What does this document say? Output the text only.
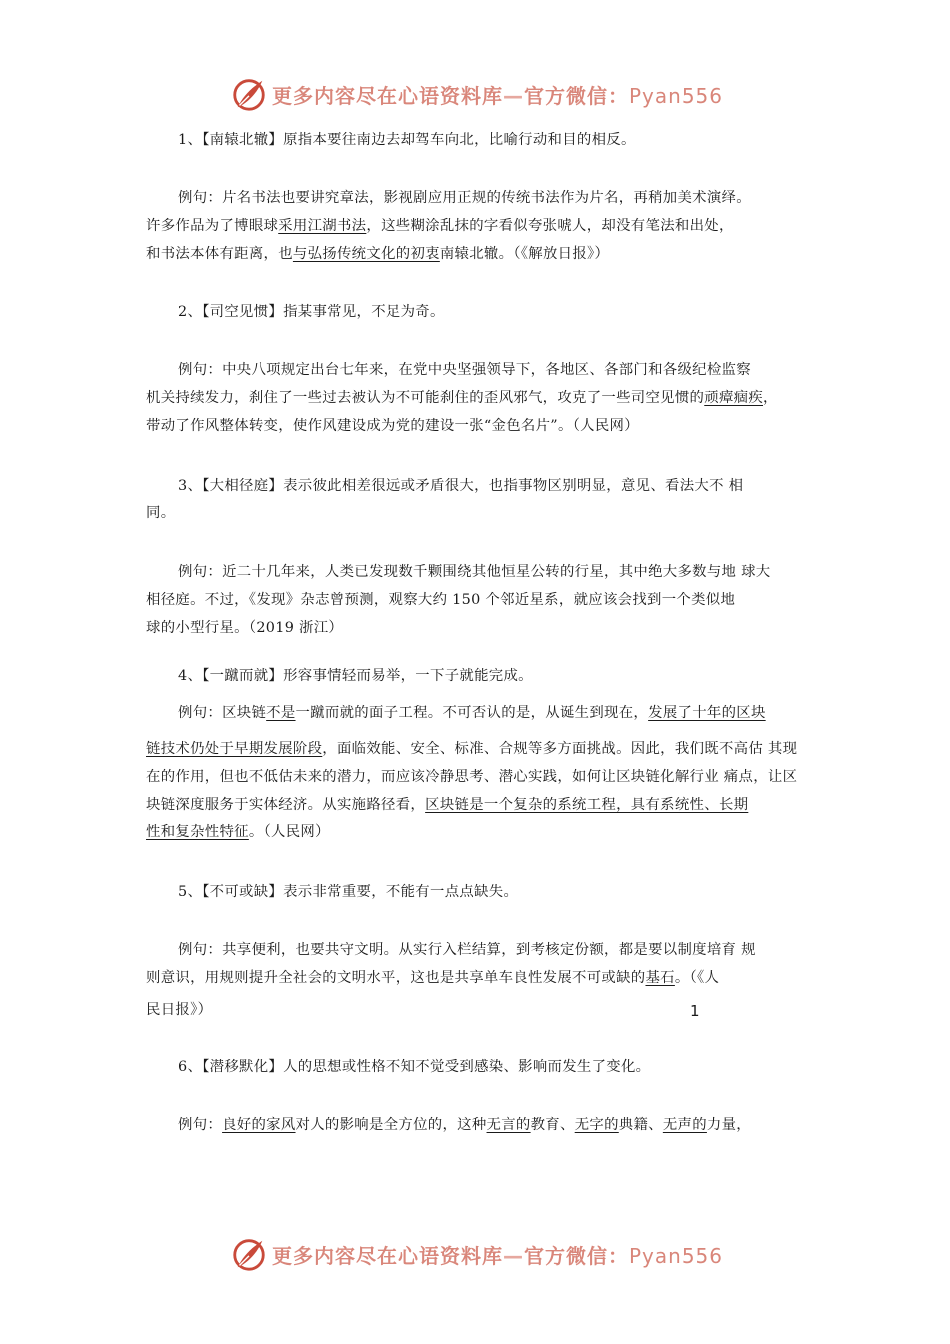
更多内容尽在心语资料库—官方微信：Pyan556
1、【南辕北辙】原指本要往南边去却驾车向北，比喻行动和目的相反。
例句：片名书法也要讲究章法，影视剧应用正规的传统书法作为片名，再稍加美术演绎。
许多作品为了博眼球采用江湖书法，这些糊涂乱抹的字看似夸张唬人，却没有笔法和出处，
和书法本体有距离，也与弘扬传统文化的初衷南辕北辙。（《解放日报》）
2、【司空见惯】指某事常见，不足为奇。
例句：中央八项规定出台七年来，在党中央坚强领导下，各地区、各部门和各级纪检监察
机关持续发力，刹住了一些过去被认为不可能刹住的歪风邪气，攻克了一些司空见惯的顽瘴痼疾，
带动了作风整体转变，使作风建设成为党的建设一张“金色名片”。（人民网）
3、【大相径庭】表示彼此相差很远或矛盾很大，也指事物区别明显，意见、看法大不 相
同。
例句：近二十几年来，人类已发现数千颗围绕其他恒星公转的行星，其中绝大多数与地 球大
相径庭。不过，《发现》杂志曾预测，观察大约 150 个邻近星系，就应该会找到一个类似地
球的小型行星。（2019 浙江）
4、【一蹴而就】形容事情轻而易举，一下子就能完成。
例句：区块链不是一蹴而就的面子工程。不可否认的是，从诞生到现在，发展了十年的区块
链技术仍处于早期发展阶段，面临效能、安全、标准、合规等多方面挑战。因此，我们既不高估 其现
在的作用，但也不低估未来的潜力，而应该冷静思考、潜心实践，如何让区块链化解行业 痛点，让区
块链深度服务于实体经济。从实施路径看，区块链是一个复杂的系统工程，具有系统性、长期
性和复杂性特征。（人民网）
5、【不可或缺】表示非常重要，不能有一点点缺失。
例句：共享便利，也要共守文明。从实行入栏结算，到考核定份额，都是要以制度培育 规
则意识，用规则提升全社会的文明水平，这也是共享单车良性发展不可或缺的基石。（《人
民日报》）	1
6、【潜移默化】人的思想或性格不知不觉受到感染、影响而发生了变化。
例句：良好的家风对人的影响是全方位的，这种无言的教育、无字的典籍、无声的力量，
更多内容尽在心语资料库—官方微信：Pyan556
